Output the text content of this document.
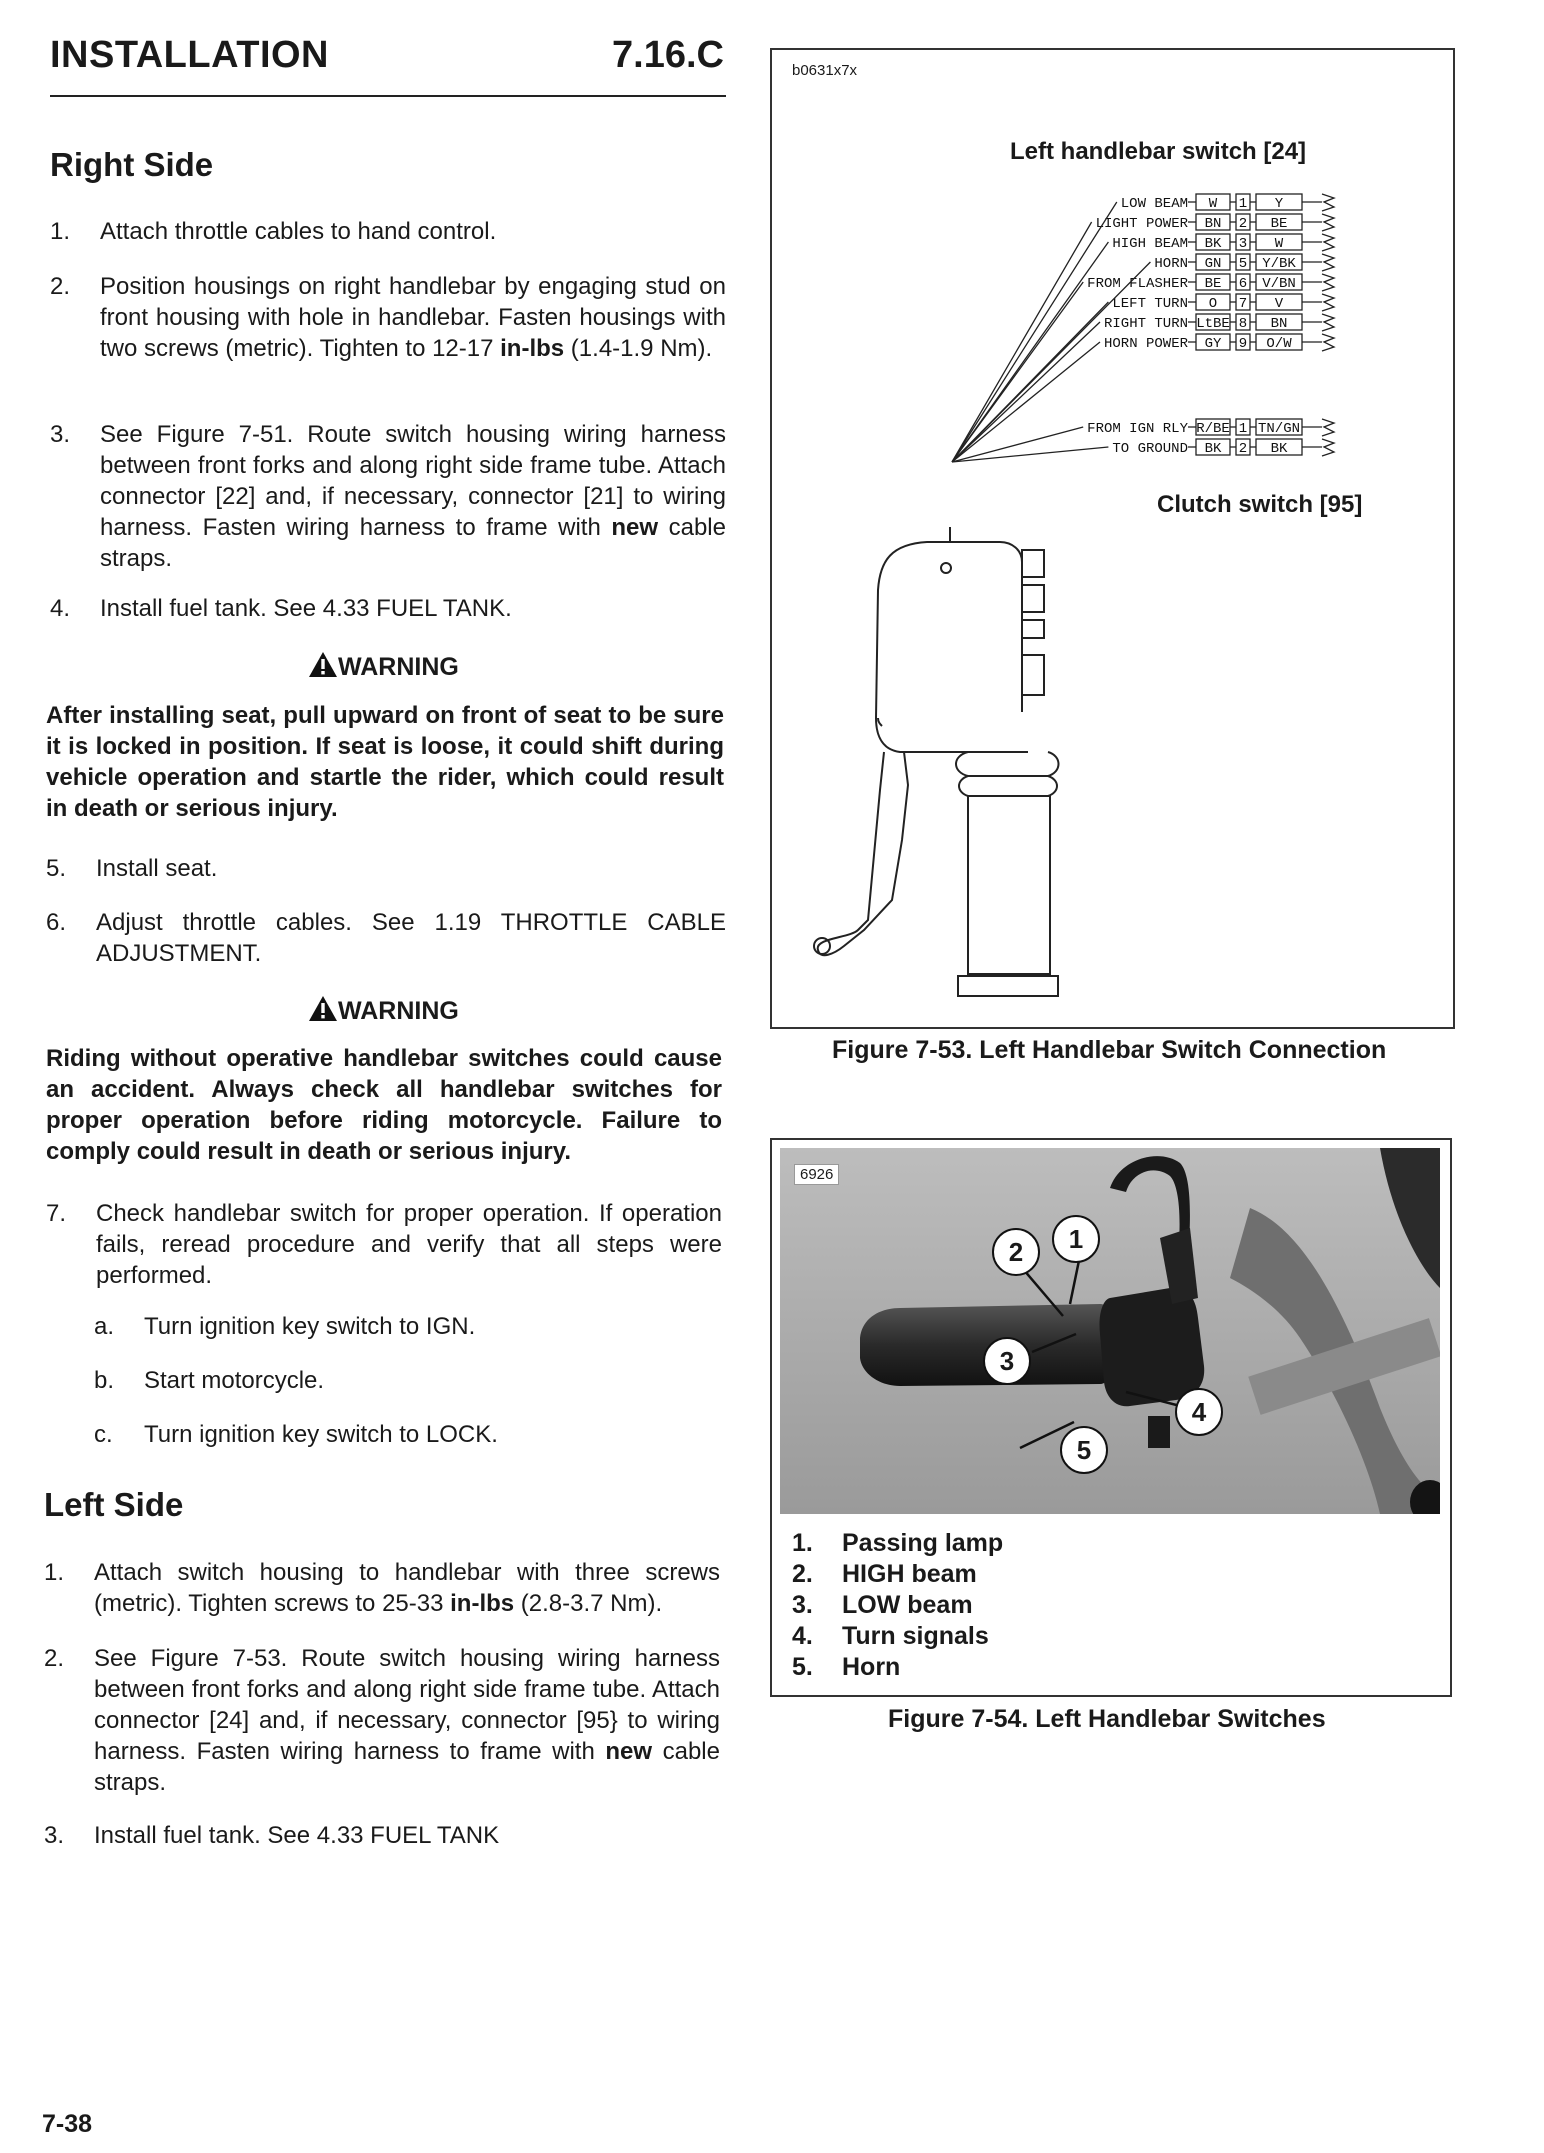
INSTALLATION	7.16.C
Right Side
1. Attach throttle cables to hand control.
2. Position housings on right handlebar by engaging stud on front housing with hole in handlebar. Fasten housings with two screws (metric). Tighten to 12-17 in-lbs (1.4-1.9 Nm).
3. See Figure 7-51. Route switch housing wiring harness between front forks and along right side frame tube. Attach connector [22] and, if necessary, connector [21] to wiring harness. Fasten wiring harness to frame with new cable straps.
4. Install fuel tank. See 4.33 FUEL TANK.
WARNING
After installing seat, pull upward on front of seat to be sure it is locked in position. If seat is loose, it could shift during vehicle operation and startle the rider, which could result in death or serious injury.
5. Install seat.
6. Adjust throttle cables. See 1.19 THROTTLE CABLE ADJUSTMENT.
WARNING
Riding without operative handlebar switches could cause an accident. Always check all handlebar switches for proper operation before riding motorcycle. Failure to comply could result in death or serious injury.
7. Check handlebar switch for proper operation. If operation fails, reread procedure and verify that all steps were performed.
a. Turn ignition key switch to IGN.
b. Start motorcycle.
c. Turn ignition key switch to LOCK.
Left Side
1. Attach switch housing to handlebar with three screws (metric). Tighten screws to 25-33 in-lbs (2.8-3.7 Nm).
2. See Figure 7-53. Route switch housing wiring harness between front forks and along right side frame tube. Attach connector [24] and, if necessary, connector [95} to wiring harness. Fasten wiring harness to frame with new cable straps.
3. Install fuel tank. See 4.33 FUEL TANK
b0631x7x
Left handlebar switch [24]
Clutch switch [95]
LOW BEAM W 1 Y
LIGHT POWER BN 2 BE
HIGH BEAM BK 3 W
HORN GN 5 Y/BK
FROM FLASHER BE 6 V/BN
LEFT TURN O 7 V
RIGHT TURN LtBE 8 BN
HORN POWER GY 9 O/W
FROM IGN RLY R/BE 1 TN/GN
TO GROUND BK 2 BK
Figure 7-53. Left Handlebar Switch Connection
6926
1
2
3
4
5
1. Passing lamp
2. HIGH beam
3. LOW beam
4. Turn signals
5. Horn
Figure 7-54. Left Handlebar Switches
7-38
